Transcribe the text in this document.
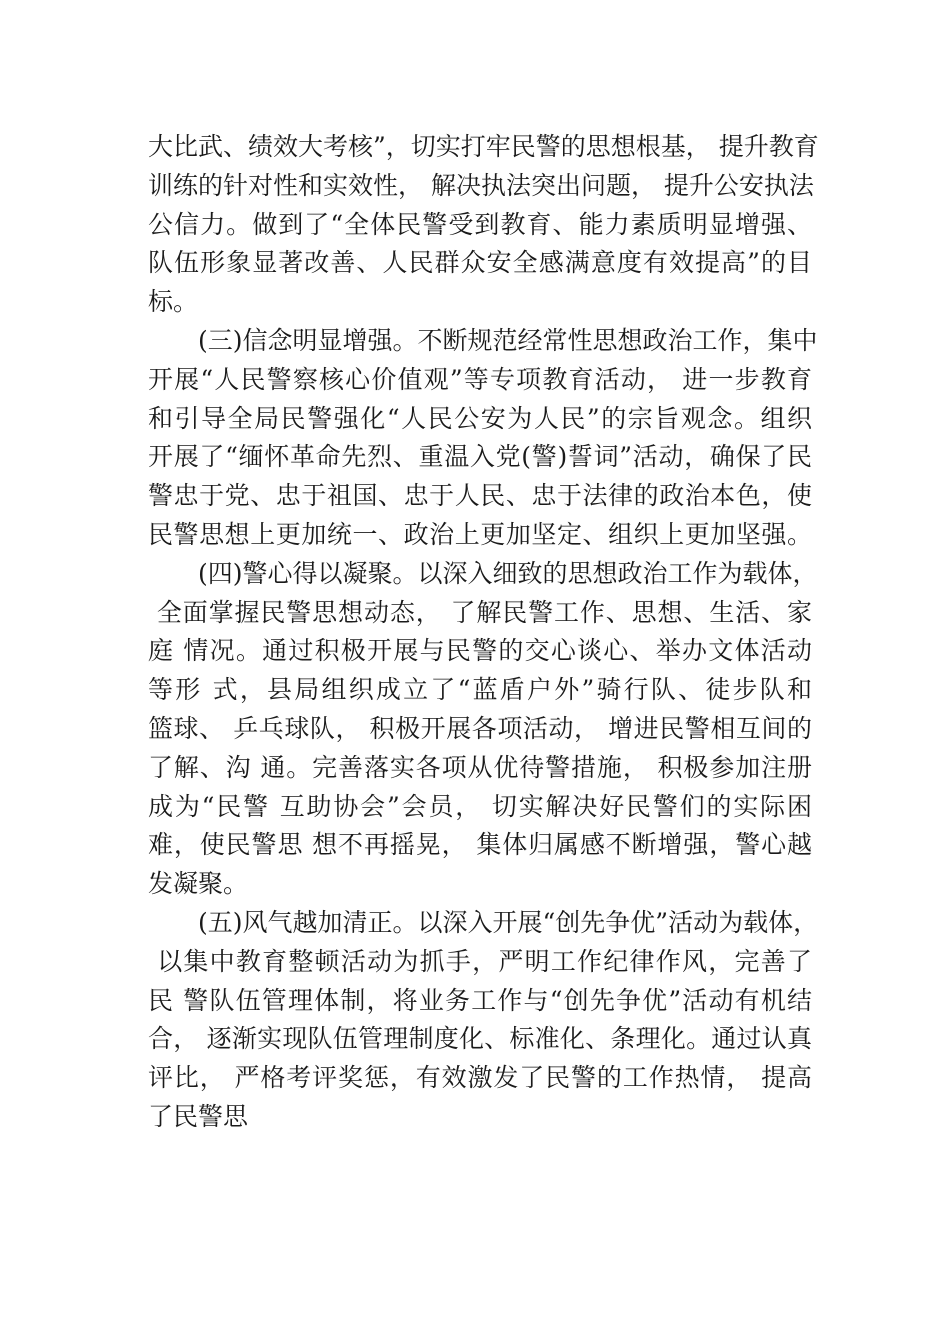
大比武、绩效大考核”，切实打牢民警的思想根基， 提升教育
训练的针对性和实效性， 解决执法突出问题， 提升公安执法
公信力。做到了“全体民警受到教育、能力素质明显增强、
队伍形象显著改善、人民群众安全感满意度有效提高”的目
标。
(三)信念明显增强。不断规范经常性思想政治工作，集中
开展“人民警察核心价值观”等专项教育活动， 进一步教育
和引导全局民警强化“人民公安为人民”的宗旨观念。组织
开展了“缅怀革命先烈、重温入党(警)誓词”活动，确保了民
警忠于党、忠于祖国、忠于人民、忠于法律的政治本色，使
民警思想上更加统一、政治上更加坚定、组织上更加坚强。
(四)警心得以凝聚。以深入细致的思想政治工作为载体，
全面掌握民警思想动态， 了解民警工作、思想、生活、家
庭 情况。通过积极开展与民警的交心谈心、举办文体活动
等形 式，县局组织成立了“蓝盾户外”骑行队、徒步队和
篮球、 乒乓球队， 积极开展各项活动， 增进民警相互间的
了解、沟 通。完善落实各项从优待警措施， 积极参加注册
成为“民警 互助协会”会员， 切实解决好民警们的实际困
难，使民警思 想不再摇晃， 集体归属感不断增强，警心越
发凝聚。
(五)风气越加清正。以深入开展“创先争优”活动为载体，
以集中教育整顿活动为抓手，严明工作纪律作风，完善了
民 警队伍管理体制，将业务工作与“创先争优”活动有机结
合， 逐渐实现队伍管理制度化、标准化、条理化。通过认真
评比， 严格考评奖惩，有效激发了民警的工作热情， 提高
了民警思
